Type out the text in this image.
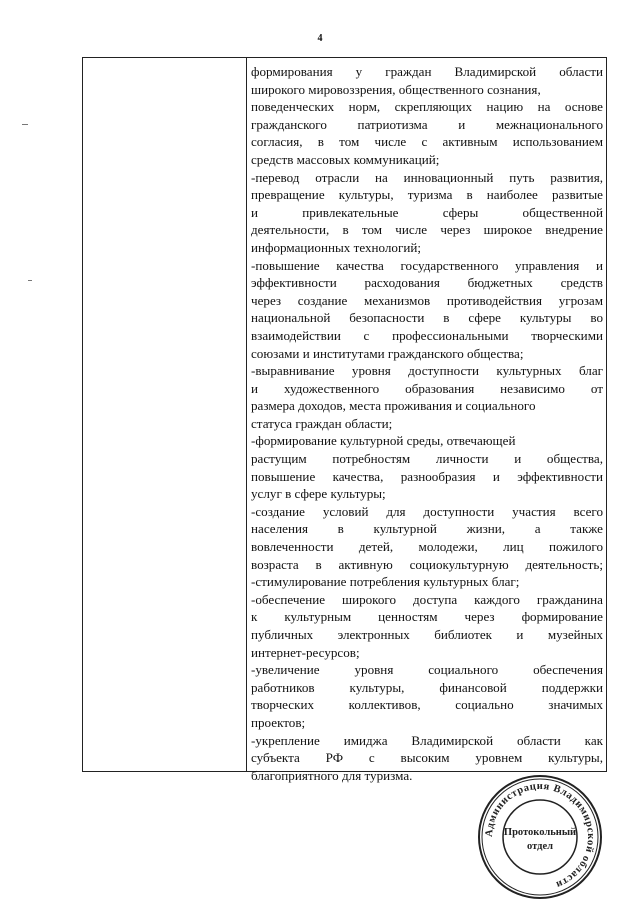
4
формирования у граждан Владимирской области
широкого мировоззрения, общественного сознания,
поведенческих норм, скрепляющих нацию на основе
гражданского патриотизма и межнационального
согласия, в том числе с активным использованием
средств массовых коммуникаций;
-перевод отрасли на инновационный путь развития,
превращение культуры, туризма в наиболее развитые
и привлекательные сферы общественной
деятельности, в том числе через широкое внедрение
информационных технологий;
-повышение качества государственного управления и
эффективности расходования бюджетных средств
через создание механизмов противодействия угрозам
национальной безопасности в сфере культуры во
взаимодействии с профессиональными творческими
союзами и институтами гражданского общества;
-выравнивание уровня доступности культурных благ
и художественного образования независимо от
размера доходов, места проживания и социального
статуса граждан области;
-формирование культурной среды, отвечающей
растущим потребностям личности и общества,
повышение качества, разнообразия и эффективности
услуг в сфере культуры;
-создание условий для доступности участия всего
населения в культурной жизни, а также
вовлеченности детей, молодежи, лиц пожилого
возраста в активную социокультурную деятельность;
-стимулирование потребления культурных благ;
-обеспечение широкого доступа каждого гражданина
к культурным ценностям через формирование
публичных электронных библиотек и музейных
интернет-ресурсов;
-увеличение уровня социального обеспечения
работников культуры, финансовой поддержки
творческих коллективов, социально значимых
проектов;
-укрепление имиджа Владимирской области как
субъекта РФ с высоким уровнем культуры,
благоприятного для туризма.
Администрация Владимирской области
Протокольный
отдел
